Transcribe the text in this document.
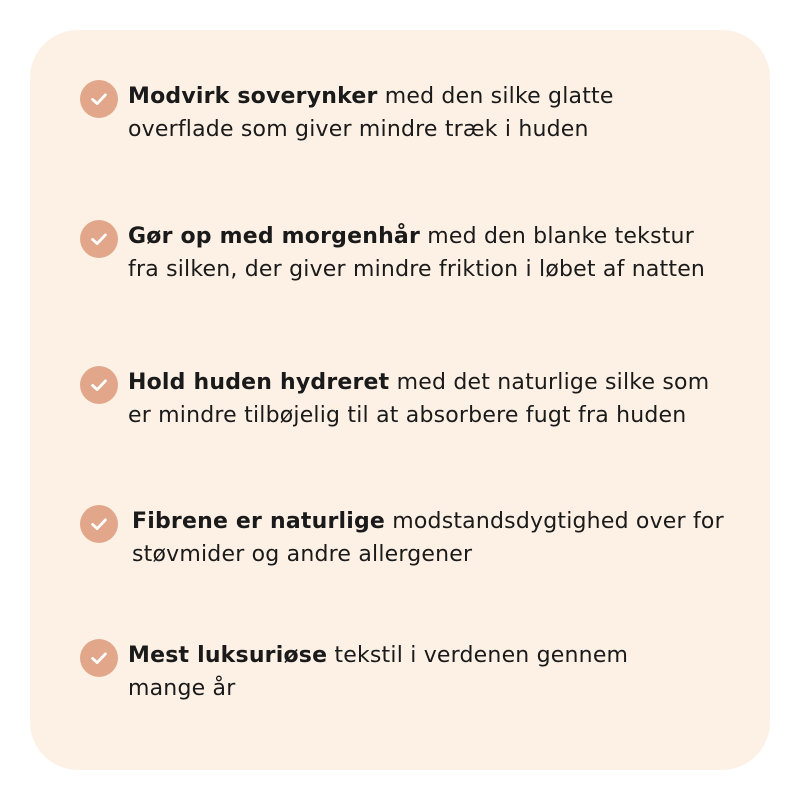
Modvirk soverynker med den silke glatte
overflade som giver mindre træk i huden
Gør op med morgenhår med den blanke tekstur
fra silken, der giver mindre friktion i løbet af natten
Hold huden hydreret med det naturlige silke som
er mindre tilbøjelig til at absorbere fugt fra huden
Fibrene er naturlige modstandsdygtighed over for
støvmider og andre allergener
Mest luksuriøse tekstil i verdenen gennem
mange år
